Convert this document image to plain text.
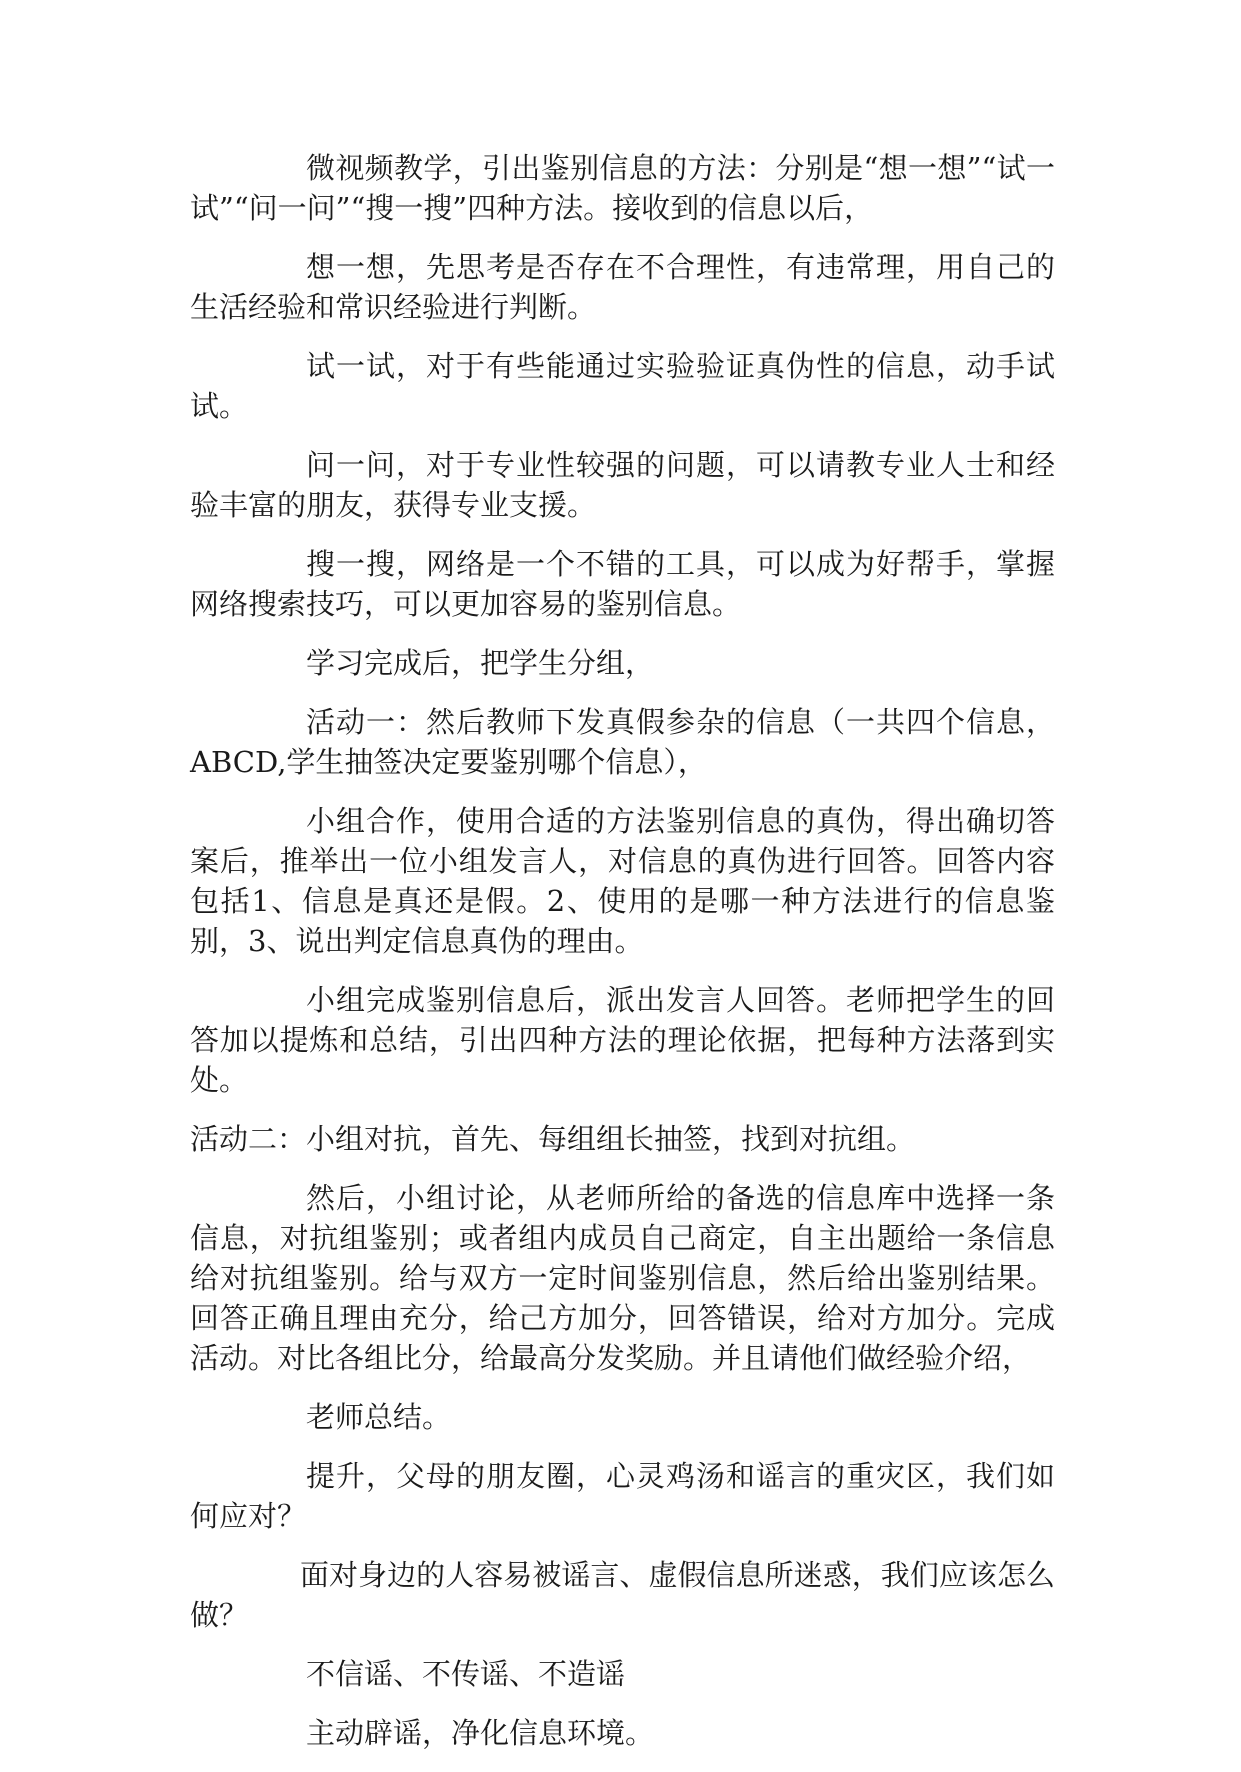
微视频教学，引出鉴别信息的方法：分别是“想一想”“试一试”“问一问”“搜一搜”四种方法。接收到的信息以后，

想一想，先思考是否存在不合理性，有违常理，用自己的生活经验和常识经验进行判断。

试一试，对于有些能通过实验验证真伪性的信息，动手试试。

问一问，对于专业性较强的问题，可以请教专业人士和经验丰富的朋友，获得专业支援。

搜一搜，网络是一个不错的工具，可以成为好帮手，掌握网络搜索技巧，可以更加容易的鉴别信息。

学习完成后，把学生分组，

活动一：然后教师下发真假参杂的信息（一共四个信息，ABCD,学生抽签决定要鉴别哪个信息），

小组合作，使用合适的方法鉴别信息的真伪，得出确切答案后，推举出一位小组发言人，对信息的真伪进行回答。回答内容包括1、信息是真还是假。2、使用的是哪一种方法进行的信息鉴别，3、说出判定信息真伪的理由。

小组完成鉴别信息后，派出发言人回答。老师把学生的回答加以提炼和总结，引出四种方法的理论依据，把每种方法落到实处。

活动二：小组对抗，首先、每组组长抽签，找到对抗组。

然后，小组讨论，从老师所给的备选的信息库中选择一条信息，对抗组鉴别；或者组内成员自己商定，自主出题给一条信息给对抗组鉴别。给与双方一定时间鉴别信息，然后给出鉴别结果。回答正确且理由充分，给己方加分，回答错误，给对方加分。完成活动。对比各组比分，给最高分发奖励。并且请他们做经验介绍，

老师总结。

提升，父母的朋友圈，心灵鸡汤和谣言的重灾区，我们如何应对？

面对身边的人容易被谣言、虚假信息所迷惑，我们应该怎么做？

不信谣、不传谣、不造谣

主动辟谣，净化信息环境。
